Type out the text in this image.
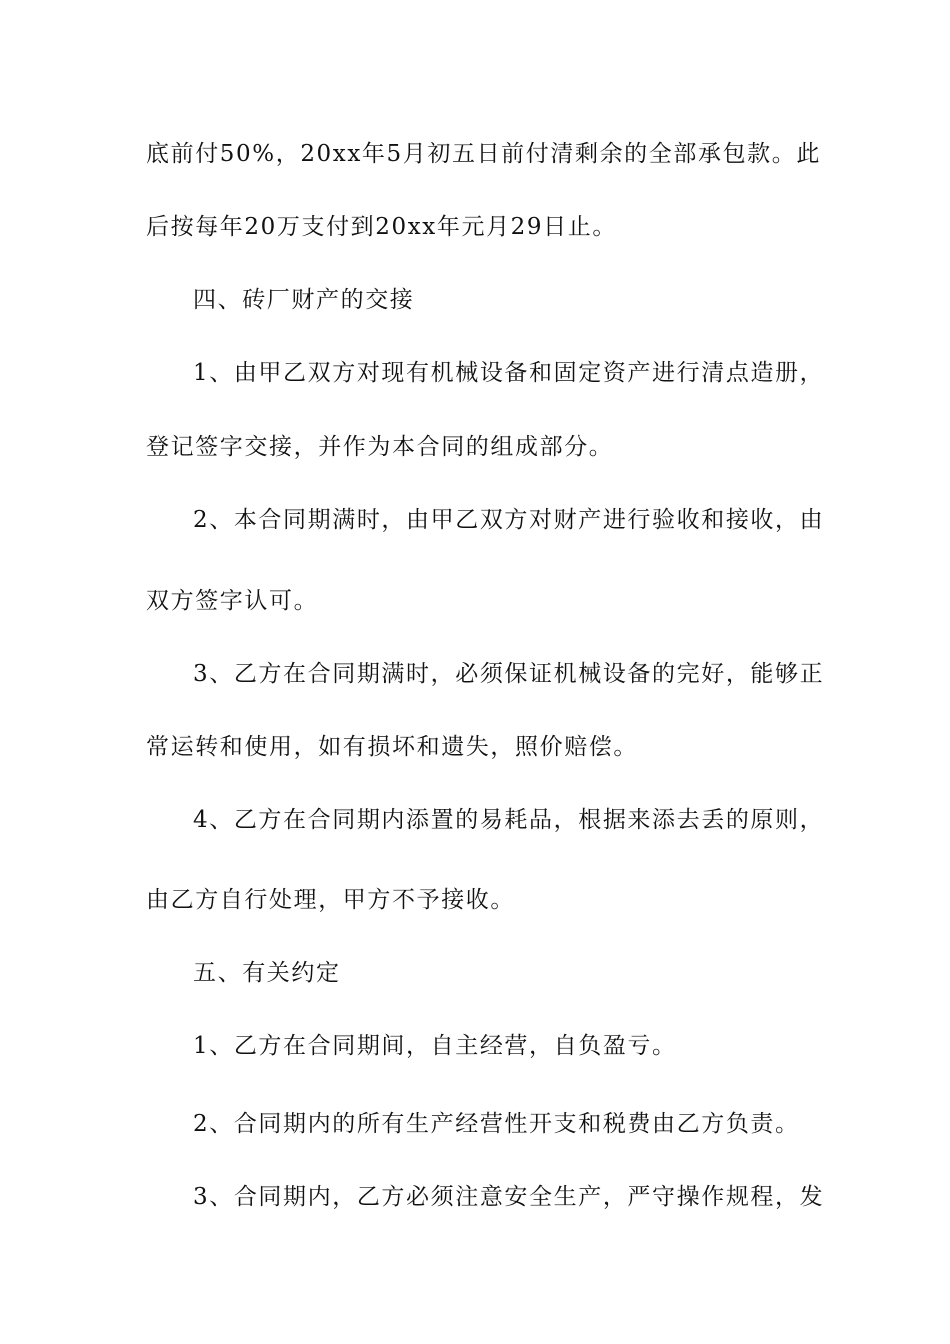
底前付50%，20xx年5月初五日前付清剩余的全部承包款。此
后按每年20万支付到20xx年元月29日止。
四、砖厂财产的交接
1、由甲乙双方对现有机械设备和固定资产进行清点造册，
登记签字交接，并作为本合同的组成部分。
2、本合同期满时，由甲乙双方对财产进行验收和接收，由
双方签字认可。
3、乙方在合同期满时，必须保证机械设备的完好，能够正
常运转和使用，如有损坏和遗失，照价赔偿。
4、乙方在合同期内添置的易耗品，根据来添去丢的原则，
由乙方自行处理，甲方不予接收。
五、有关约定
1、乙方在合同期间，自主经营，自负盈亏。
2、合同期内的所有生产经营性开支和税费由乙方负责。
3、合同期内，乙方必须注意安全生产，严守操作规程，发
